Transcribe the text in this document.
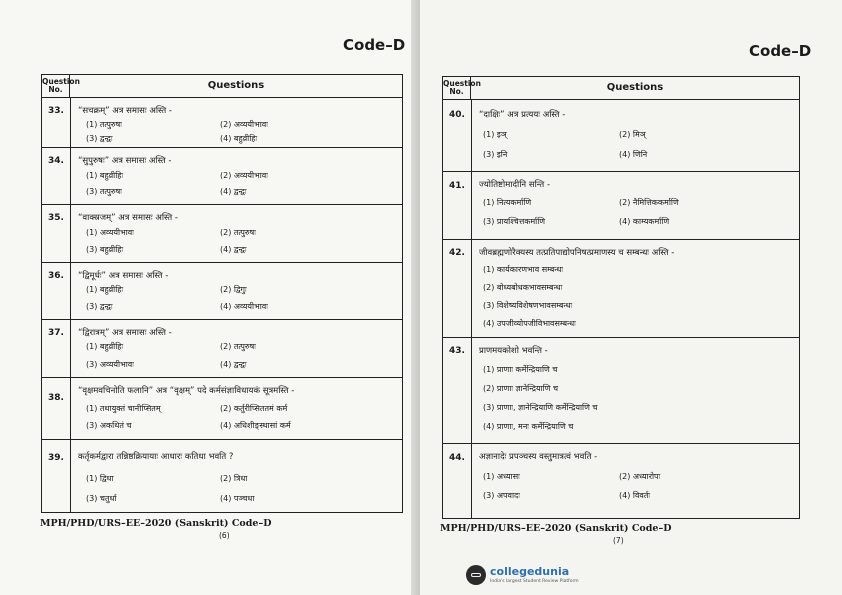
Code–D
Question No.	Questions
33.	“सचक्रम्” अत्र समासः अस्ति -
(1) तत्पुरुषः	(2) अव्ययीभावः
(3) द्वन्द्वः	(4) बहुव्रीहिः
34.	“सुपुरुषः” अत्र समासः अस्ति -
(1) बहुव्रीहिः	(2) अव्ययीभावः
(3) तत्पुरुषः	(4) द्वन्द्वः
35.	“वाक्स्रजम्” अत्र समासः अस्ति -
(1) अव्ययीभावः	(2) तत्पुरुषः
(3) बहुव्रीहिः	(4) द्वन्द्वः
36.	“द्विमूर्धः” अत्र समासः अस्ति -
(1) बहुव्रीहिः	(2) द्विगुः
(3) द्वन्द्वः	(4) अव्ययीभावः
37.	“द्विरात्रम्” अत्र समासः अस्ति -
(1) बहुव्रीहिः	(2) तत्पुरुषः
(3) अव्ययीभावः	(4) द्वन्द्वः
38.
“वृक्षमवचिनोति फलानि” अत्र “वृक्षम्” पदे कर्मसंज्ञाविधायकं सूत्रमस्ति -
(1) तथायुक्तं चानीप्सितम्	(2) कर्तुरीप्सिततमं कर्म
(3) अकथितं च	(4) अधिशीङ्स्थासां कर्म
39.	कर्तृकर्मद्वारा तन्निष्ठक्रियायाः आधारः कतिधा भवति ?
(1) द्विधा	(2) त्रिधा
(3) चतुर्धा	(4) पञ्चधा
MPH/PHD/URS–EE–2020 (Sanskrit) Code–D
(6)
Code–D
Question No.	Questions
40.	“दाक्षिः” अत्र प्रत्ययः अस्ति -
(1) इञ्	(2) मिञ्
(3) इनि	(4) णिनि
41.	ज्योतिष्टोमादीनि सन्ति -
(1) नित्यकर्माणि	(2) नैमित्तिककर्माणि
(3) प्रायश्चित्तकर्माणि	(4) काम्यकर्माणि
42.	जीवब्रह्मणोरैक्यस्य तत्प्रतिपाद्योपनिषत्प्रमाणस्य च सम्बन्धः अस्ति -
(1) कार्यकारणभाव सम्बन्धः
(2) बोध्यबोधकभावसम्बन्धः
(3) विशेष्यविशेषणभावसम्बन्धः
(4) उपजीव्योपजीविभावसम्बन्धः
43.	प्राणमयकोशो भवन्ति -
(1) प्राणाः कर्मेन्द्रियाणि च
(2) प्राणाः ज्ञानेन्द्रियाणि च
(3) प्राणाः, ज्ञानेन्द्रियाणि कर्मेन्द्रियाणि च
(4) प्राणाः, मनः कर्मेन्द्रियाणि च
44.	अज्ञानादेः प्रपञ्चस्य वस्तुमात्रत्वं भवति -
(1) अध्यासः	(2) अध्यारोपः
(3) अपवादः	(4) विवर्तः
MPH/PHD/URS–EE–2020 (Sanskrit) Code–D
(7)
collegedunia
India's largest Student Review Platform
